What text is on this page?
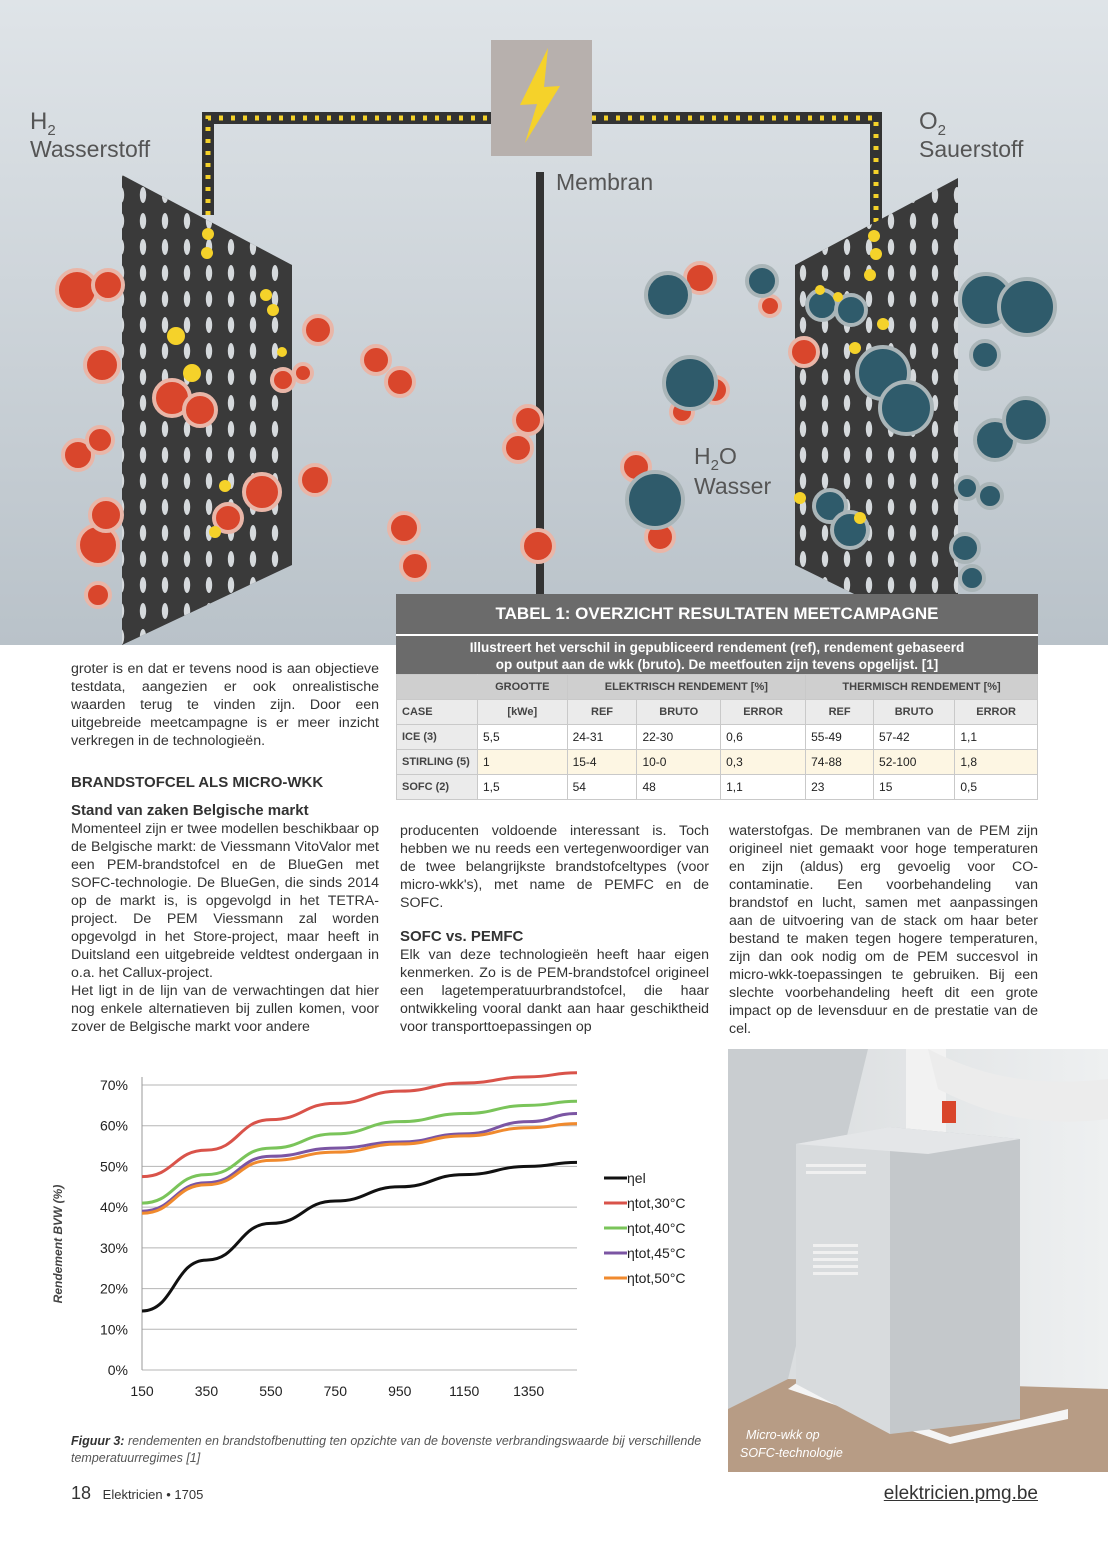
$H_2$
Wasserstoff
$O_2$
Sauerstoff
Membran
$H_2O$
Wasser
TABEL 1: OVERZICHT RESULTATEN MEETCAMPAGNE
Illustreert het verschil in gepubliceerd rendement (ref), rendement gebaseerd
op output aan de wkk (bruto). De meetfouten zijn tevens opgelijst. [1]
	GROOTTE	ELEKTRISCH RENDEMENT [%]			THERMISCH RENDEMENT [%]		
CASE	[kWe]	REF	BRUTO	ERROR	REF	BRUTO	ERROR
ICE (3)	5,5	24-31	22-30	0,6	55-49	57-42	1,1
STIRLING (5)	1	15-4	10-0	0,3	74-88	52-100	1,8
SOFC (2)	1,5	54	48	1,1	23	15	0,5

groter is en dat er tevens nood is aan objectieve testdata, aangezien er ook onrealistische waarden terug te vinden zijn. Door een uitgebreide meetcampagne is er meer inzicht verkregen in de technologieën.

BRANDSTOFCEL ALS MICRO-WKK
Stand van zaken Belgische markt

Momenteel zijn er twee modellen beschikbaar op de Belgische markt: de Viessmann VitoValor met een PEM-brandstofcel en de BlueGen met SOFC-technologie. De BlueGen, die sinds 2014 op de markt is, is opgevolgd in het TETRA-project. De PEM Viessmann zal worden opgevolgd in het Store-project, maar heeft in Duitsland een uitgebreide veldtest ondergaan in o.a. het Callux-project.

Het ligt in de lijn van de verwachtingen dat hier nog enkele alternatieven bij zullen komen, voor zover de Belgische markt voor andere

producenten voldoende interessant is. Toch hebben we nu reeds een vertegenwoordiger van de twee belangrijkste brandstofceltypes (voor micro-wkk's), met name de PEMFC en de SOFC.

SOFC vs. PEMFC

Elk van deze technologieën heeft haar eigen kenmerken. Zo is de PEM-brandstofcel origineel een lagetemperatuurbrandstofcel, die haar ontwikkeling vooral dankt aan haar geschiktheid voor transporttoepassingen op

waterstofgas. De membranen van de PEM zijn origineel niet gemaakt voor hoge temperaturen en zijn (aldus) erg gevoelig voor CO-contaminatie. Een voorbehandeling van brandstof en lucht, samen met aanpassingen aan de uitvoering van de stack om haar beter bestand te maken tegen hogere temperaturen, zijn dan ook nodig om de PEM succesvol in micro-wkk-toepassingen te gebruiken. Bij een slechte voorbehandeling heeft dit een grote impact op de levensduur en de prestatie van de cel.

0%
10%
20%
30%
40%
50%
60%
70%
150	350	550	750	950	1150 1350
ηel
ηtot,30°C
ηtot,40°C
ηtot,45°C
ηtot,50°C
Rendement BVW (%)
Figuur 3: rendementen en brandstofbenutting ten opzichte van de bovenste verbrandingswaarde bij verschillende temperatuurregimes [1]
Micro-wkk op
SOFC-technologie
18 Elektricien • 1705	elektricien.pmg.be
